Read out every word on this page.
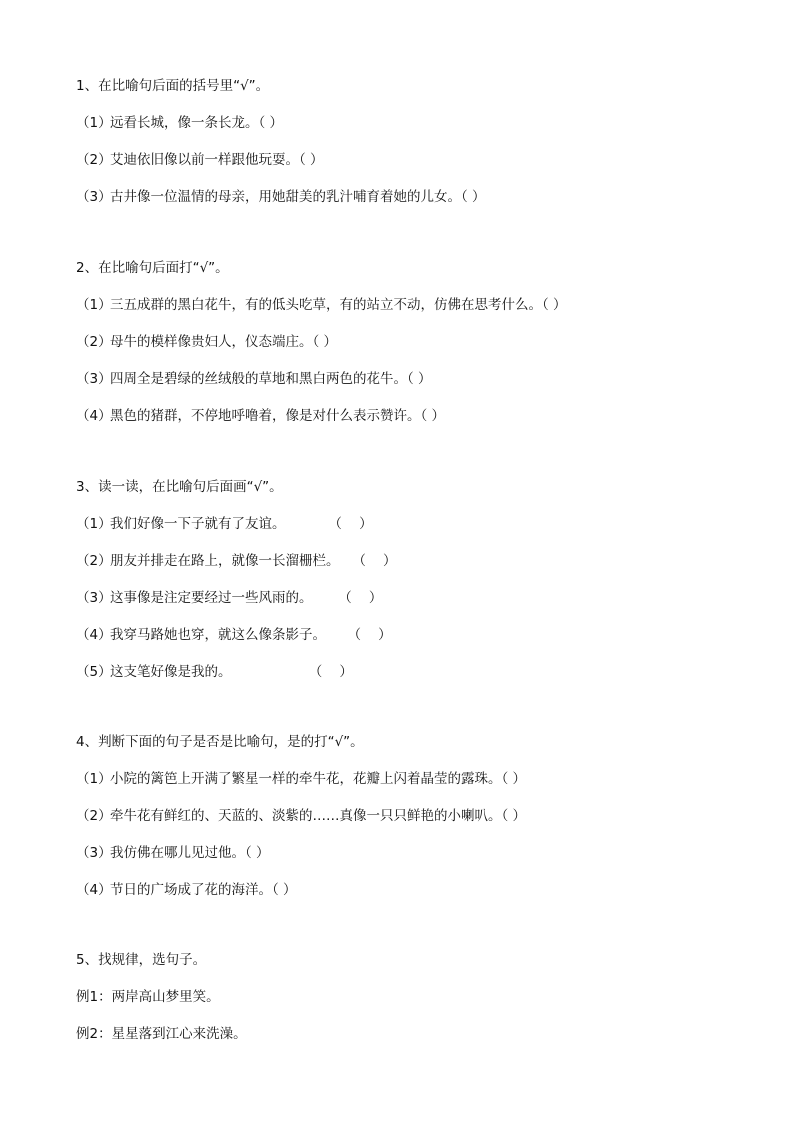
1、在比喻句后面的括号里“√”。
（1）远看长城，像一条长龙。（ ）
（2）艾迪依旧像以前一样跟他玩耍。（ ）
（3）古井像一位温情的母亲，用她甜美的乳汁哺育着她的儿女。（ ）
2、在比喻句后面打“√”。
（1）三五成群的黑白花牛，有的低头吃草，有的站立不动，仿佛在思考什么。（ ）
（2）母牛的模样像贵妇人，仪态端庄。（ ）
（3）四周全是碧绿的丝绒般的草地和黑白两色的花牛。（ ）
（4）黑色的猪群，不停地呼噜着，像是对什么表示赞许。（ ）
3、读一读，在比喻句后面画“√”。
（1）我们好像一下子就有了友谊。          （    ）
（2）朋友并排走在路上，就像一长溜栅栏。   （    ）
（3）这事像是注定要经过一些风雨的。      （    ）
（4）我穿马路她也穿，就这么像条影子。     （    ）
（5）这支笔好像是我的。                  （    ）
4、判断下面的句子是否是比喻句，是的打“√”。
（1）小院的篱笆上开满了繁星一样的牵牛花，花瓣上闪着晶莹的露珠。（ ）
（2）牵牛花有鲜红的、天蓝的、淡紫的……真像一只只鲜艳的小喇叭。（ ）
（3）我仿佛在哪儿见过他。（ ）
（4）节日的广场成了花的海洋。（ ）
5、找规律，选句子。
例1：两岸高山梦里笑。
例2：星星落到江心来洗澡。
